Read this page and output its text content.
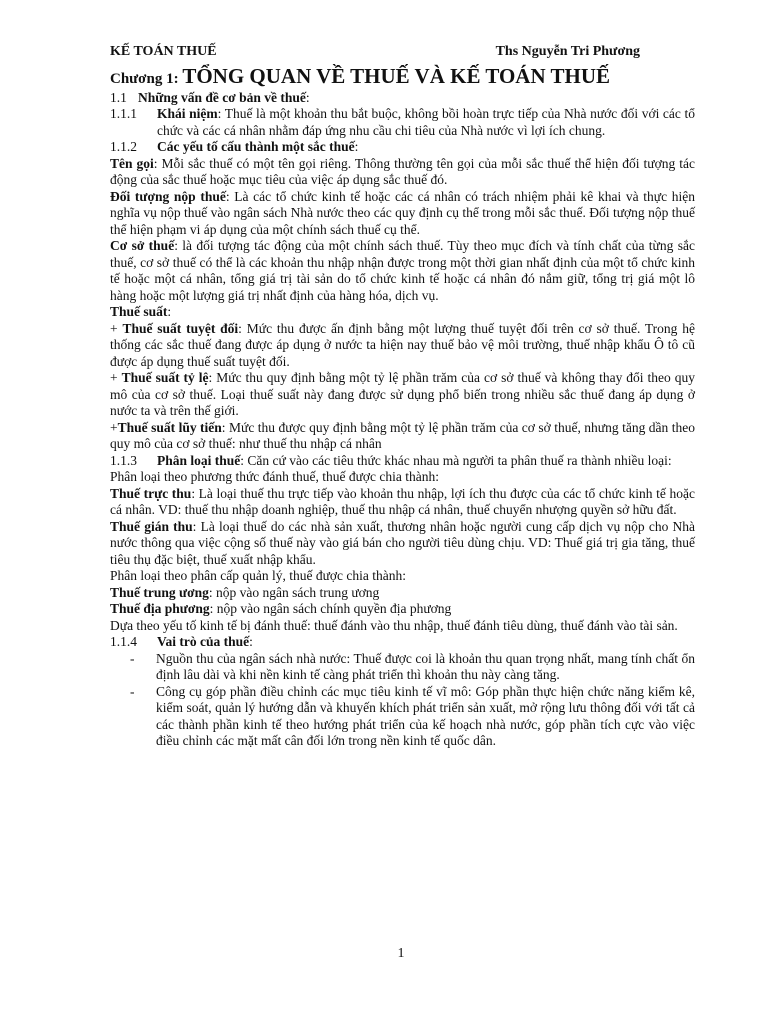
KẾ TOÁN THUẾ	Ths Nguyễn Tri Phương
Chương 1: TỔNG QUAN VỀ THUẾ VÀ KẾ TOÁN THUẾ
1.1 Những vấn đề cơ bản về thuế:
1.1.1	Khái niệm: Thuế là một khoản thu bắt buộc, không bồi hoàn trực tiếp của Nhà nước đối với các tổ chức và các cá nhân nhằm đáp ứng nhu cầu chi tiêu của Nhà nước vì lợi ích chung.
1.1.2	Các yếu tố cấu thành một sắc thuế:

Tên gọi: Mỗi sắc thuế có một tên gọi riêng. Thông thường tên gọi của mỗi sắc thuế thể hiện đối tượng tác động của sắc thuế hoặc mục tiêu của việc áp dụng sắc thuế đó.

Đối tượng nộp thuế: Là các tổ chức kinh tế hoặc các cá nhân có trách nhiệm phải kê khai và thực hiện nghĩa vụ nộp thuế vào ngân sách Nhà nước theo các quy định cụ thể trong mỗi sắc thuế. Đối tượng nộp thuế thể hiện phạm vi áp dụng của một chính sách thuế cụ thể.

Cơ sở thuế: là đối tượng tác động của một chính sách thuế. Tùy theo mục đích và tính chất của từng sắc thuế, cơ sở thuế có thể là các khoản thu nhập nhận được trong một thời gian nhất định của một tổ chức kinh tế hoặc một cá nhân, tổng giá trị tài sản do tổ chức kinh tế hoặc cá nhân đó nắm giữ, tổng trị giá một lô hàng hoặc một lượng giá trị nhất định của hàng hóa, dịch vụ.

Thuế suất:

+ Thuế suất tuyệt đối: Mức thu được ấn định bằng một lượng thuế tuyệt đối trên cơ sở thuế. Trong hệ thống các sắc thuế đang được áp dụng ở nước ta hiện nay thuế bảo vệ môi trường, thuế nhập khẩu Ô tô cũ được áp dụng thuế suất tuyệt đối.

+ Thuế suất tỷ lệ: Mức thu quy định bằng một tỷ lệ phần trăm của cơ sở thuế và không thay đổi theo quy mô của cơ sở thuế. Loại thuế suất này đang được sử dụng phổ biến trong nhiều sắc thuế đang áp dụng ở nước ta và trên thế giới.

+Thuế suất lũy tiến: Mức thu được quy định bằng một tỷ lệ phần trăm của cơ sở thuế, nhưng tăng dần theo quy mô của cơ sở thuế: như thuế thu nhập cá nhân

1.1.3	Phân loại thuế: Căn cứ vào các tiêu thức khác nhau mà người ta phân thuế ra thành nhiều loại:

Phân loại theo phương thức đánh thuế, thuế được chia thành:

Thuế trực thu: Là loại thuế thu trực tiếp vào khoản thu nhập, lợi ích thu được của các tổ chức kinh tế hoặc cá nhân. VD: thuế thu nhập doanh nghiệp, thuế thu nhập cá nhân, thuế chuyển nhượng quyền sở hữu đất.

Thuế gián thu: Là loại thuế do các nhà sản xuất, thương nhân hoặc người cung cấp dịch vụ nộp cho Nhà nước thông qua việc cộng số thuế này vào giá bán cho người tiêu dùng chịu. VD: Thuế giá trị gia tăng, thuế tiêu thụ đặc biệt, thuế xuất nhập khẩu.

Phân loại theo phân cấp quản lý, thuế được chia thành:

Thuế trung ương: nộp vào ngân sách trung ương

Thuế địa phương: nộp vào ngân sách chính quyền địa phương

Dựa theo yếu tố kinh tế bị đánh thuế: thuế đánh vào thu nhập, thuế đánh tiêu dùng, thuế đánh vào tài sản.

1.1.4	Vai trò của thuế:
-	Nguồn thu của ngân sách nhà nước: Thuế được coi là khoản thu quan trọng nhất, mang tính chất ổn định lâu dài và khi nền kinh tế càng phát triển thì khoản thu này càng tăng.
-	Công cụ góp phần điều chỉnh các mục tiêu kinh tế vĩ mô: Góp phần thực hiện chức năng kiểm kê, kiểm soát, quản lý hướng dẫn và khuyến khích phát triển sản xuất, mở rộng lưu thông đối với tất cả các thành phần kinh tế theo hướng phát triển của kế hoạch nhà nước, góp phần tích cực vào việc điều chỉnh các mặt mất cân đối lớn trong nền kinh tế quốc dân.
1
